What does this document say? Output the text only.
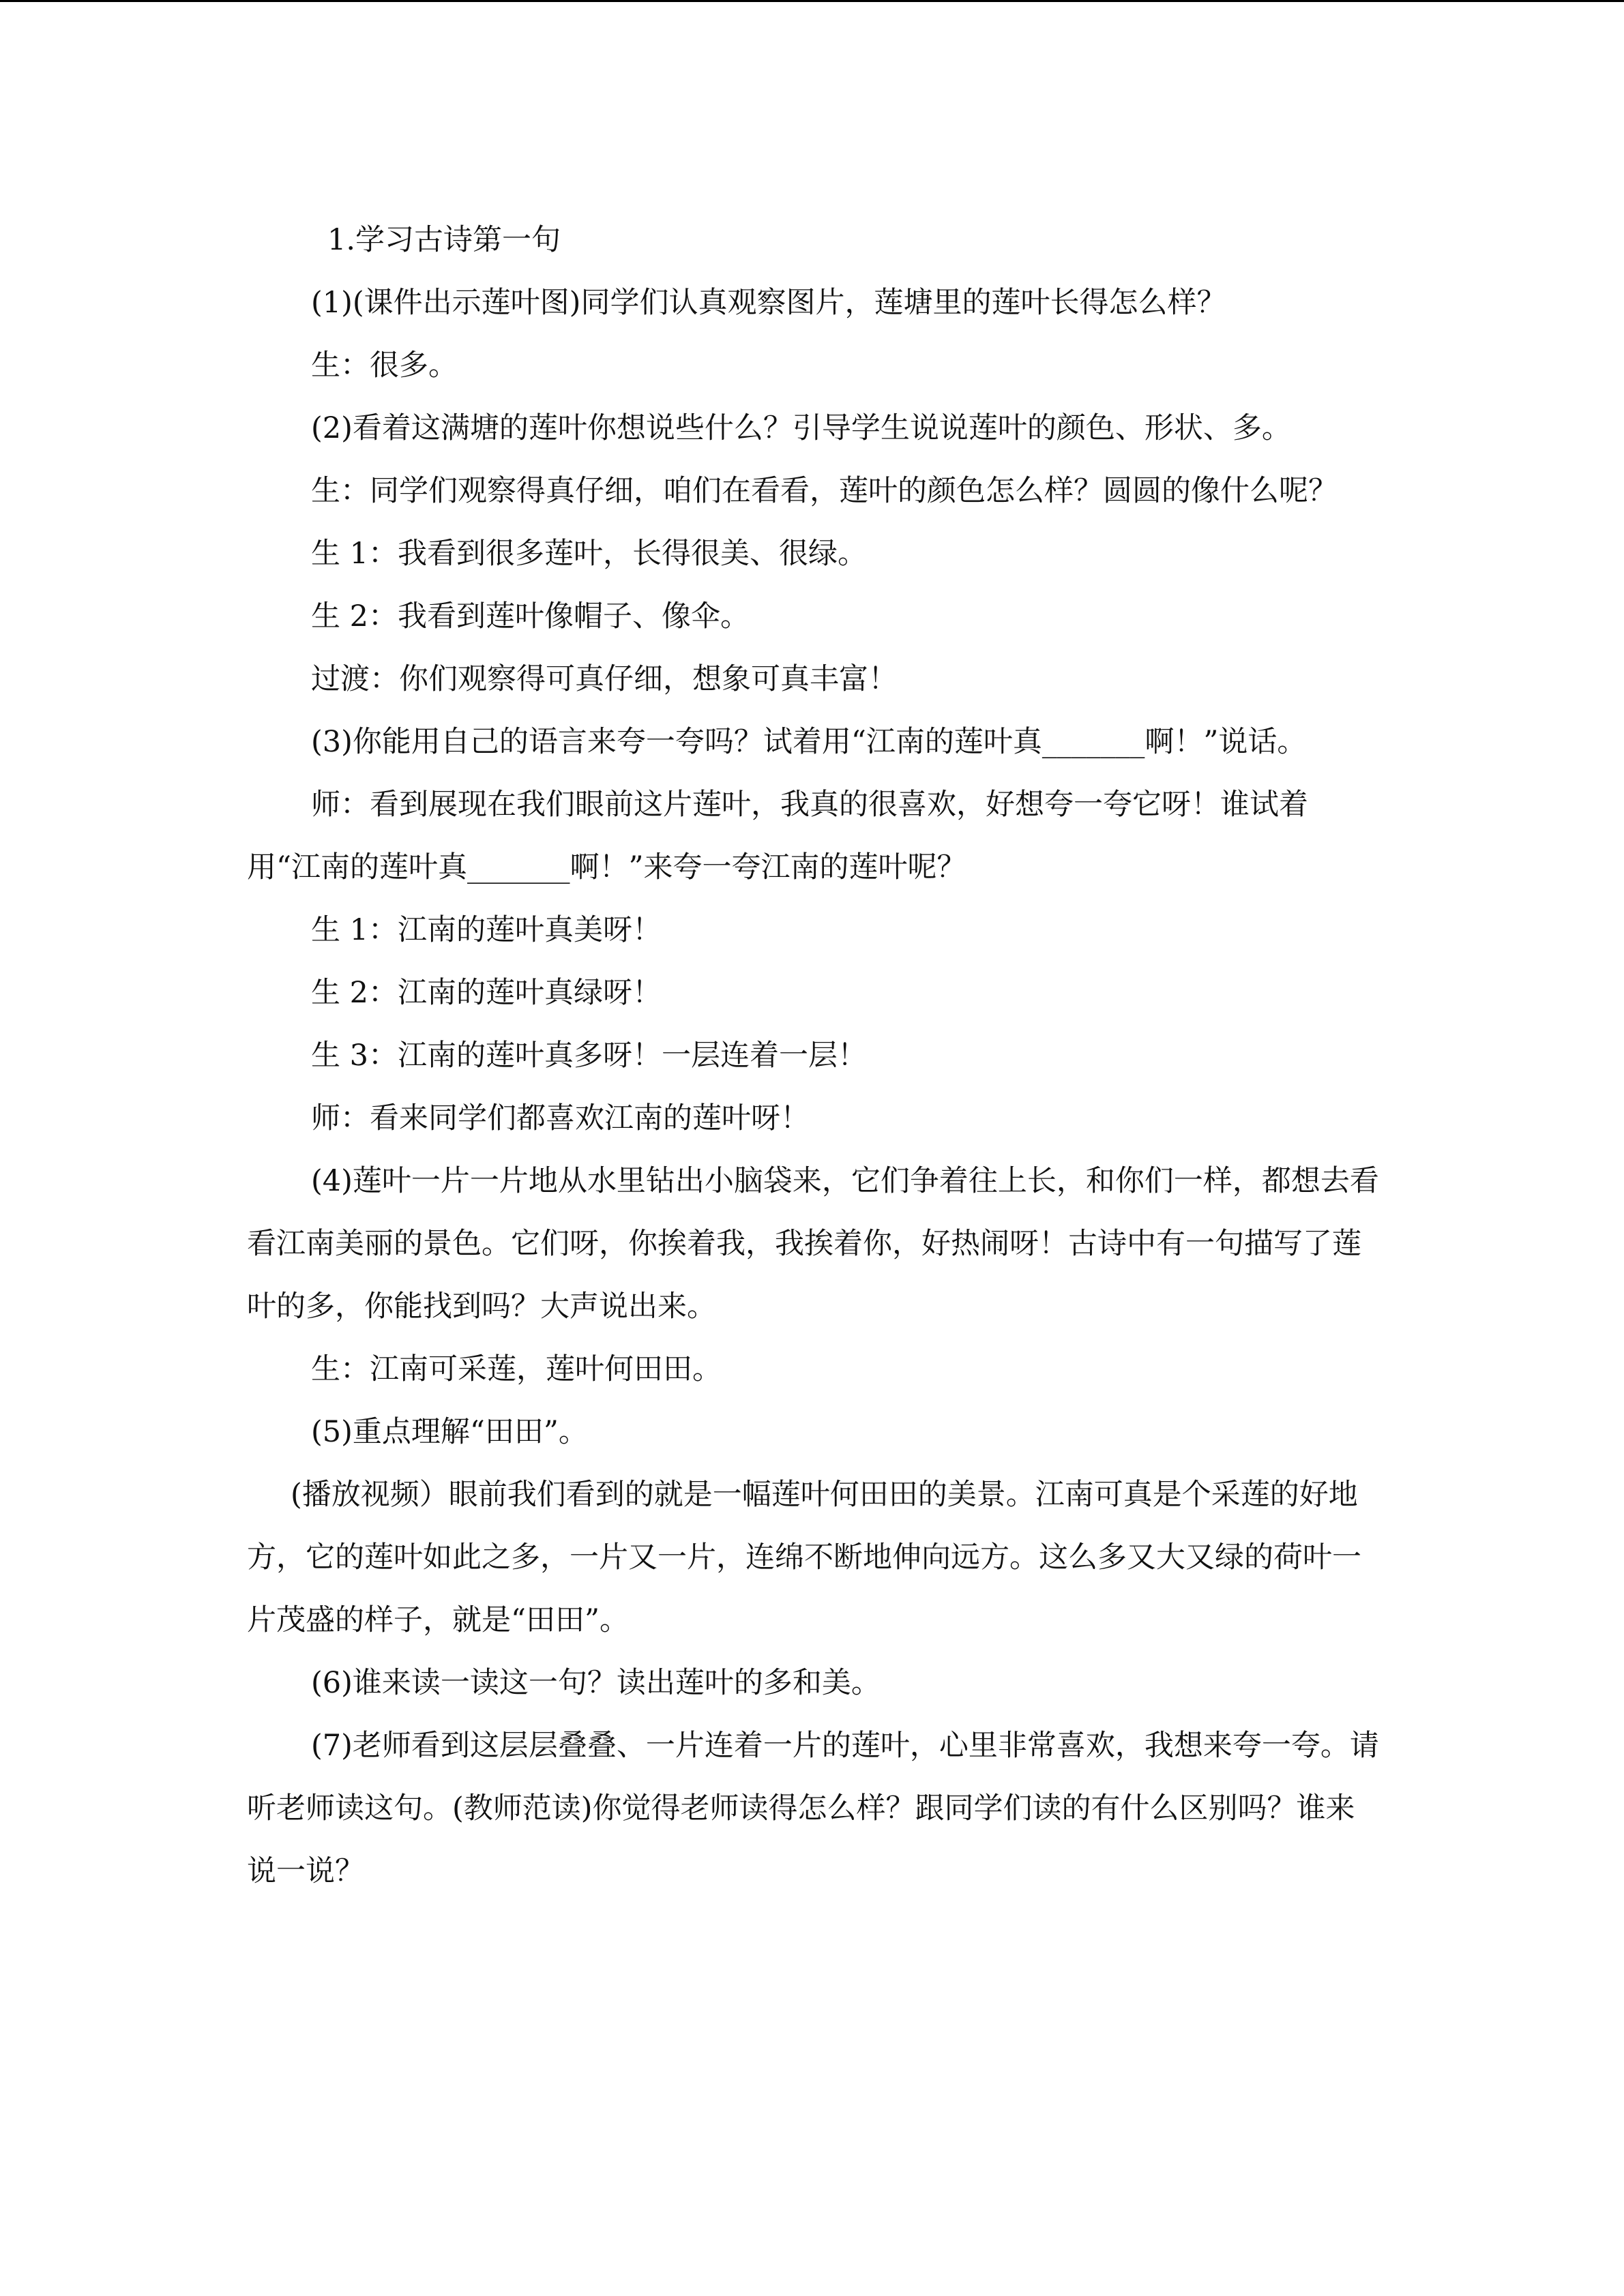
1.学习古诗第一句

(1)(课件出示莲叶图)同学们认真观察图片，莲塘里的莲叶长得怎么样？

生：很多。

(2)看着这满塘的莲叶你想说些什么？引导学生说说莲叶的颜色、形状、多。

生：同学们观察得真仔细，咱们在看看，莲叶的颜色怎么样？圆圆的像什么呢？

生 1：我看到很多莲叶，长得很美、很绿。

生 2：我看到莲叶像帽子、像伞。

过渡：你们观察得可真仔细，想象可真丰富！

(3)你能用自己的语言来夸一夸吗？试着用“江南的莲叶真_______啊！”说话。

师：看到展现在我们眼前这片莲叶，我真的很喜欢，好想夸一夸它呀！谁试着用“江南的莲叶真_______啊！”来夸一夸江南的莲叶呢？

生 1：江南的莲叶真美呀！

生 2：江南的莲叶真绿呀！

生 3：江南的莲叶真多呀！一层连着一层！

师：看来同学们都喜欢江南的莲叶呀！

(4)莲叶一片一片地从水里钻出小脑袋来，它们争着往上长，和你们一样，都想去看看江南美丽的景色。它们呀，你挨着我，我挨着你，好热闹呀！古诗中有一句描写了莲叶的多，你能找到吗？大声说出来。

生：江南可采莲，莲叶何田田。

(5)重点理解“田田”。

(播放视频）眼前我们看到的就是一幅莲叶何田田的美景。江南可真是个采莲的好地方，它的莲叶如此之多，一片又一片，连绵不断地伸向远方。这么多又大又绿的荷叶一片茂盛的样子，就是“田田”。

(6)谁来读一读这一句？读出莲叶的多和美。

(7)老师看到这层层叠叠、一片连着一片的莲叶，心里非常喜欢，我想来夸一夸。请听老师读这句。(教师范读)你觉得老师读得怎么样？跟同学们读的有什么区别吗？谁来说一说？
